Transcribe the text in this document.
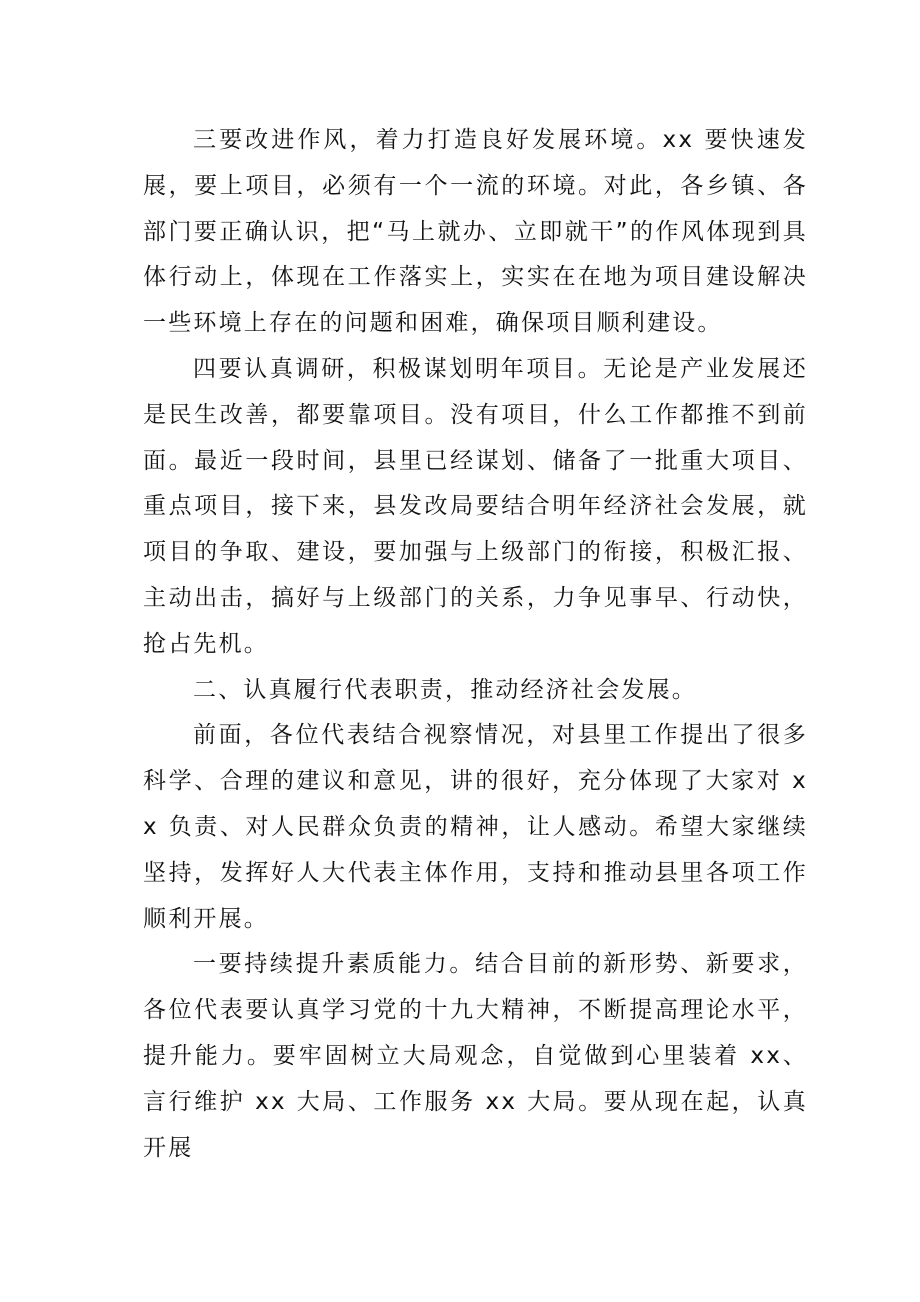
三要改进作风，着力打造良好发展环境。xx 要快速发展，要上项目，必须有一个一流的环境。对此，各乡镇、各部门要正确认识，把“马上就办、立即就干”的作风体现到具体行动上，体现在工作落实上，实实在在地为项目建设解决一些环境上存在的问题和困难，确保项目顺利建设。

四要认真调研，积极谋划明年项目。无论是产业发展还是民生改善，都要靠项目。没有项目，什么工作都推不到前面。最近一段时间，县里已经谋划、储备了一批重大项目、重点项目，接下来，县发改局要结合明年经济社会发展，就项目的争取、建设，要加强与上级部门的衔接，积极汇报、主动出击，搞好与上级部门的关系，力争见事早、行动快，抢占先机。

二、认真履行代表职责，推动经济社会发展。

前面，各位代表结合视察情况，对县里工作提出了很多科学、合理的建议和意见，讲的很好，充分体现了大家对 xx 负责、对人民群众负责的精神，让人感动。希望大家继续坚持，发挥好人大代表主体作用，支持和推动县里各项工作顺利开展。

一要持续提升素质能力。结合目前的新形势、新要求，各位代表要认真学习党的十九大精神，不断提高理论水平，提升能力。要牢固树立大局观念，自觉做到心里装着 xx、言行维护 xx 大局、工作服务 xx 大局。要从现在起，认真开展
